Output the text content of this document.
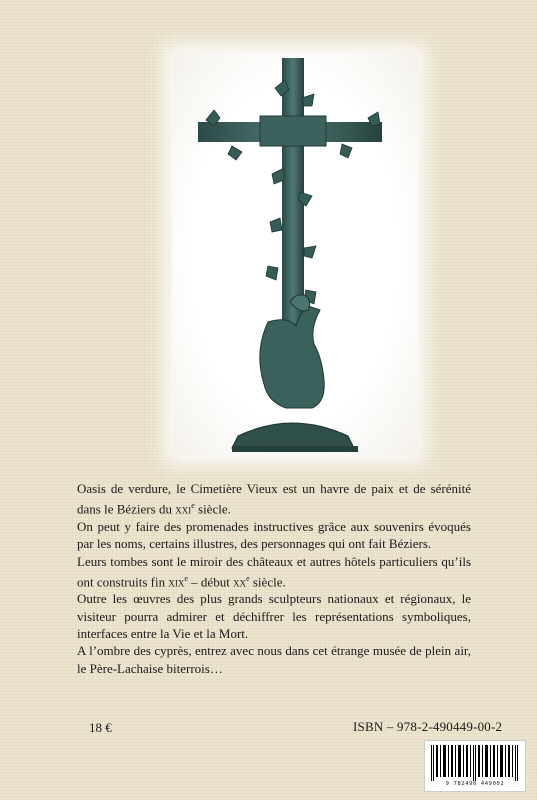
Oasis de verdure, le Cimetière Vieux est un havre de paix et de sérénité dans le Béziers du xxi$^e$ siècle.

On peut y faire des promenades instructives grâce aux souvenirs évoqués par les noms, certains illustres, des personnages qui ont fait Béziers.

Leurs tombes sont le miroir des châteaux et autres hôtels particuliers qu’ils ont construits fin xix$^e$ – début $xx^e$ siècle.

Outre les œuvres des plus grands sculpteurs nationaux et régionaux, le visiteur pourra admirer et déchiffrer les représentations symboliques, interfaces entre la Vie et la Mort.

A l’ombre des cyprès, entrez avec nous dans cet étrange musée de plein air, le Père-Lachaise biterrois…

18 €	ISBN – 978-2-490449-00-2
9 782490 449002
